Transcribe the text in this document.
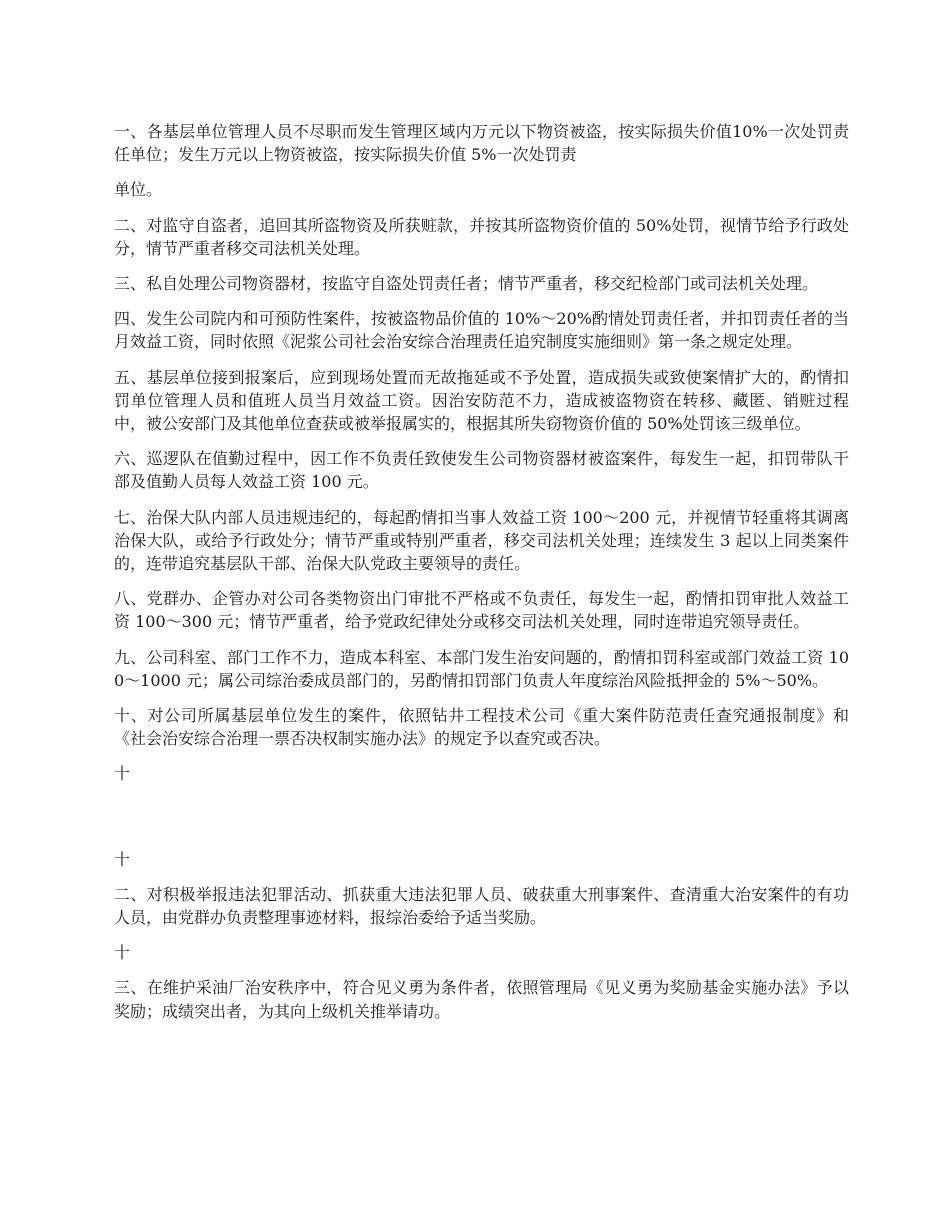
一、各基层单位管理人员不尽职而发生管理区域内万元以下物资被盗，按实际损失价值10%一次处罚责任单位；发生万元以上物资被盗，按实际损失价值 5%一次处罚责

单位。

二、对监守自盗者，追回其所盗物资及所获赃款，并按其所盗物资价值的 50%处罚，视情节给予行政处分，情节严重者移交司法机关处理。

三、私自处理公司物资器材，按监守自盗处罚责任者；情节严重者，移交纪检部门或司法机关处理。

四、发生公司院内和可预防性案件，按被盗物品价值的 10%～20%酌情处罚责任者，并扣罚责任者的当月效益工资，同时依照《泥浆公司社会治安综合治理责任追究制度实施细则》第一条之规定处理。

五、基层单位接到报案后，应到现场处置而无故拖延或不予处置，造成损失或致使案情扩大的，酌情扣罚单位管理人员和值班人员当月效益工资。因治安防范不力，造成被盗物资在转移、藏匿、销赃过程中，被公安部门及其他单位查获或被举报属实的，根据其所失窃物资价值的 50%处罚该三级单位。

六、巡逻队在值勤过程中，因工作不负责任致使发生公司物资器材被盗案件，每发生一起，扣罚带队干部及值勤人员每人效益工资 100 元。

七、治保大队内部人员违规违纪的，每起酌情扣当事人效益工资 100～200 元，并视情节轻重将其调离治保大队，或给予行政处分；情节严重或特别严重者，移交司法机关处理；连续发生 3 起以上同类案件的，连带追究基层队干部、治保大队党政主要领导的责任。

八、党群办、企管办对公司各类物资出门审批不严格或不负责任，每发生一起，酌情扣罚审批人效益工资 100～300 元；情节严重者，给予党政纪律处分或移交司法机关处理，同时连带追究领导责任。

九、公司科室、部门工作不力，造成本科室、本部门发生治安问题的，酌情扣罚科室或部门效益工资 100～1000 元；属公司综治委成员部门的，另酌情扣罚部门负责人年度综治风险抵押金的 5%～50%。

十、对公司所属基层单位发生的案件，依照钻井工程技术公司《重大案件防范责任查究通报制度》和《社会治安综合治理一票否决权制实施办法》的规定予以查究或否决。

十

十

二、对积极举报违法犯罪活动、抓获重大违法犯罪人员、破获重大刑事案件、查清重大治安案件的有功人员，由党群办负责整理事迹材料，报综治委给予适当奖励。

十

三、在维护采油厂治安秩序中，符合见义勇为条件者，依照管理局《见义勇为奖励基金实施办法》予以奖励；成绩突出者，为其向上级机关推举请功。
